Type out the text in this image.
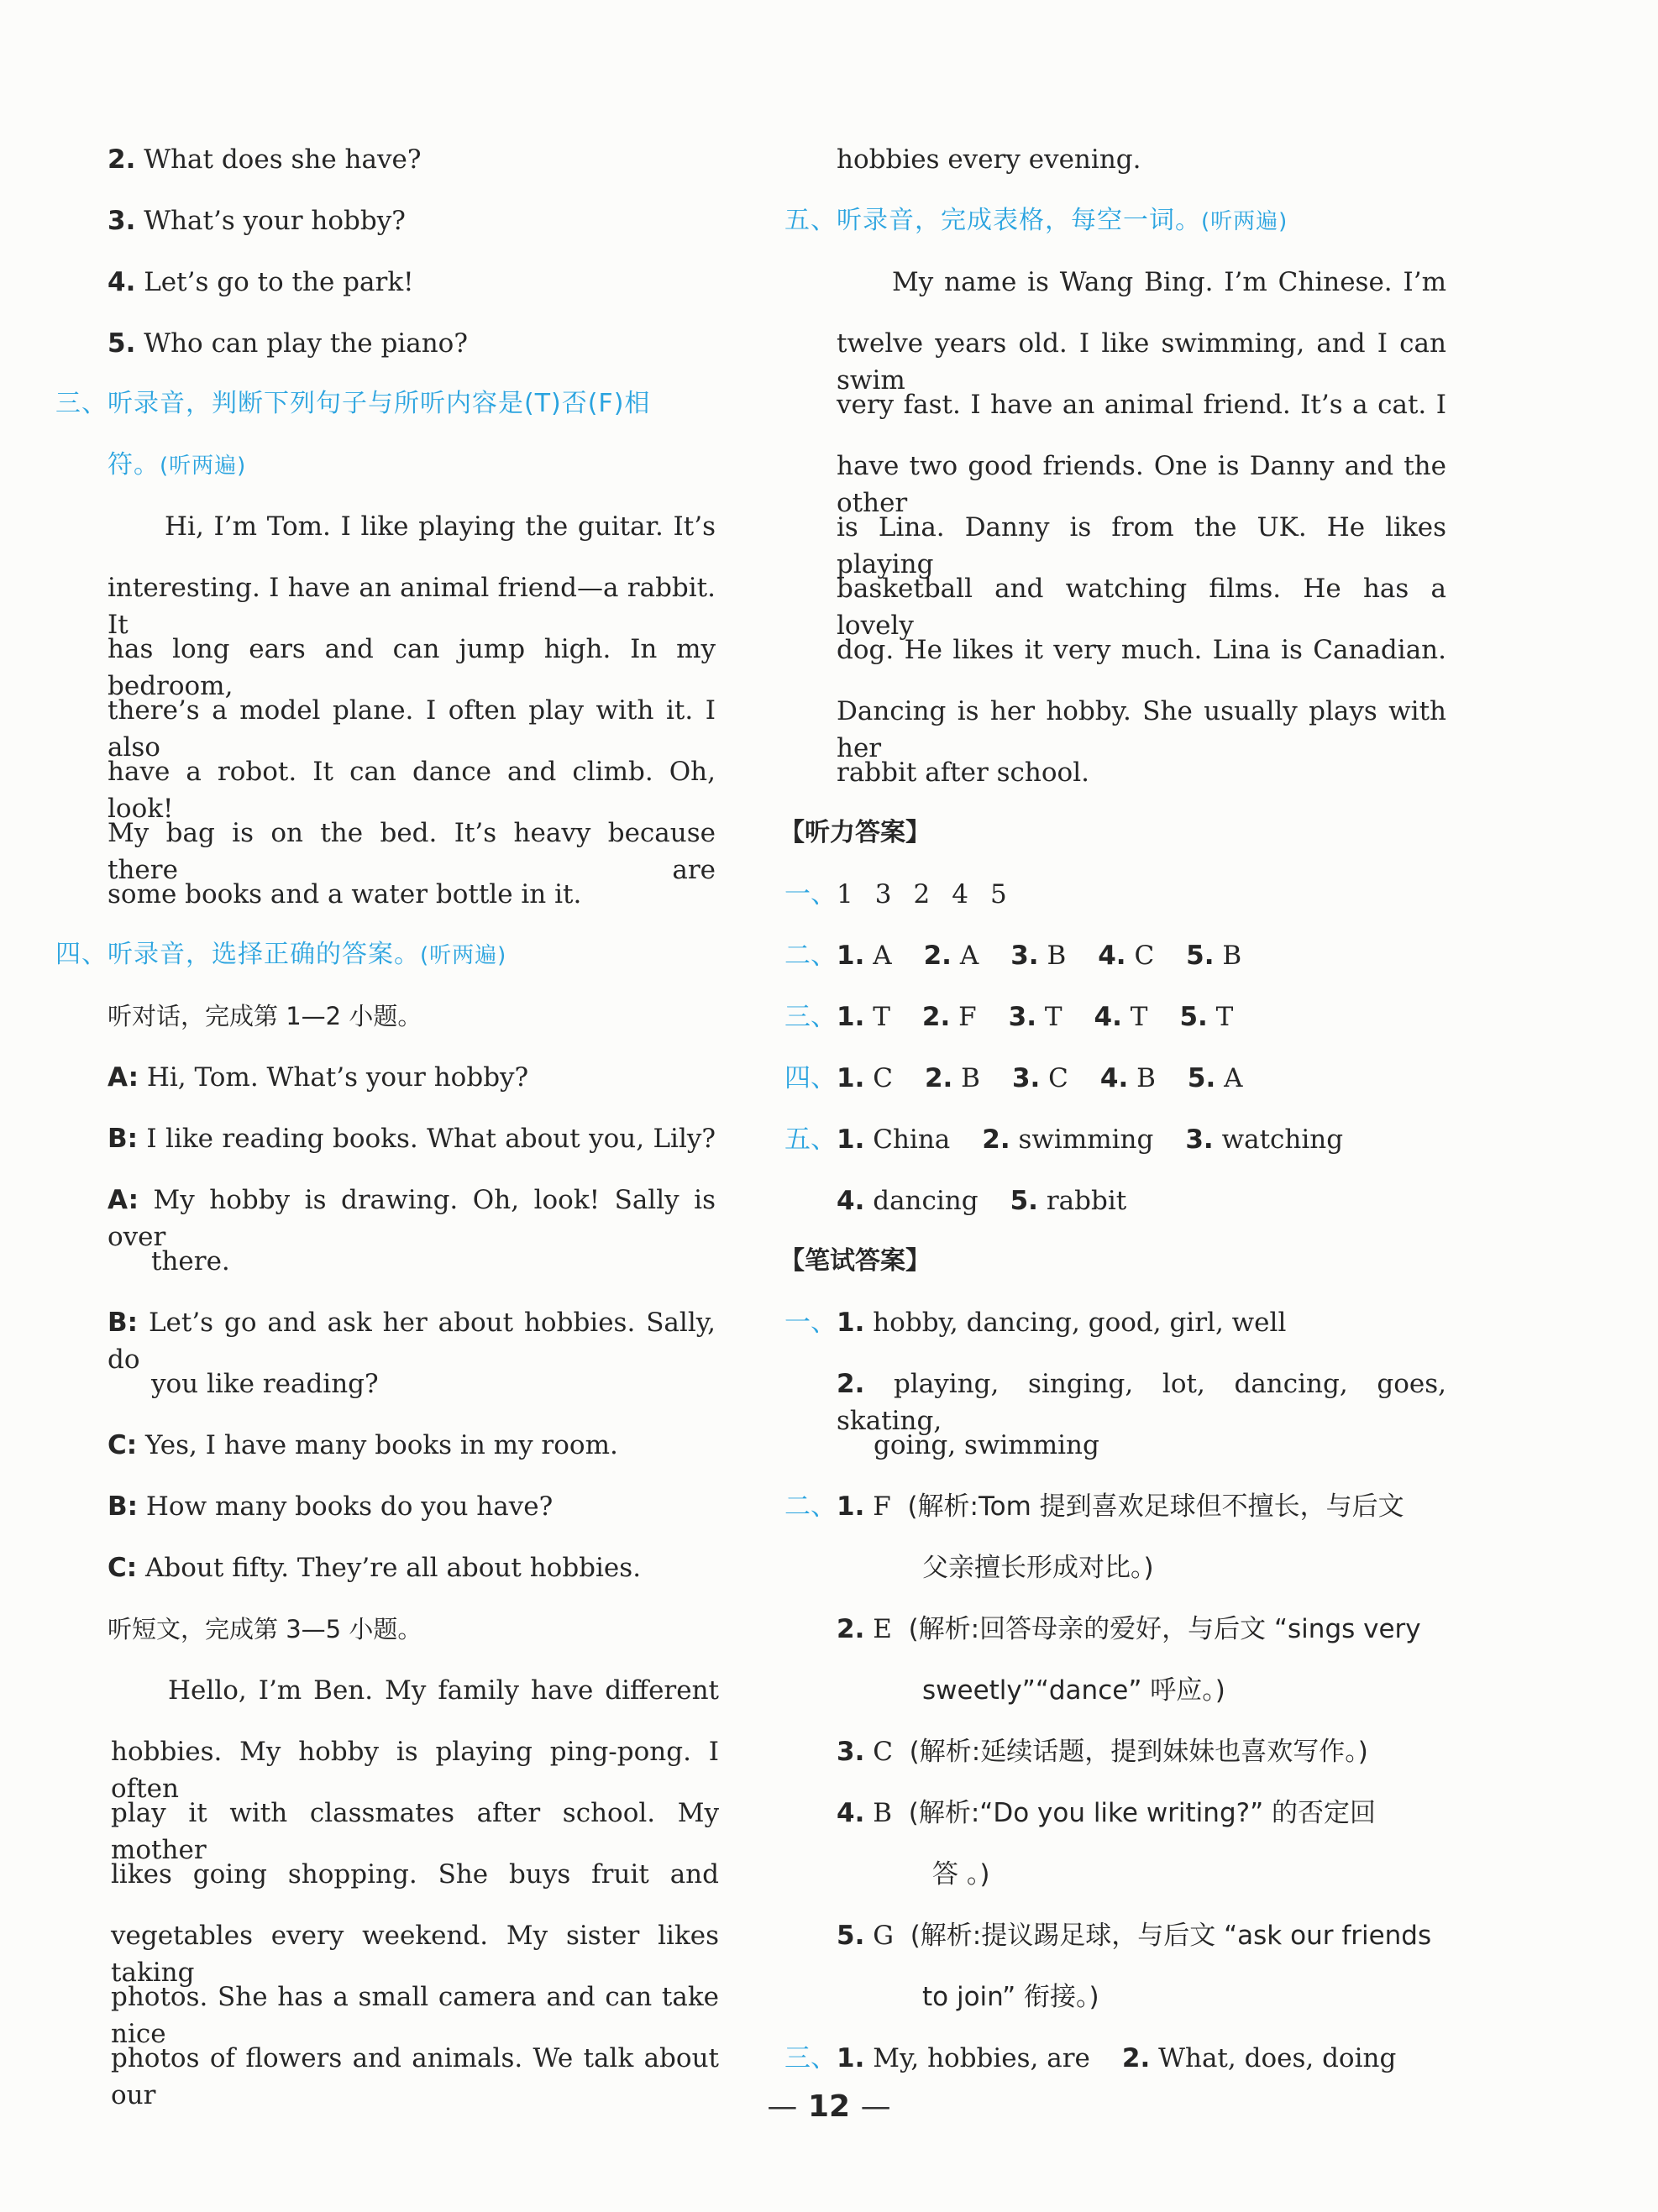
2. What does she have?
3. What’s your hobby?
4. Let’s go to the park!
5. Who can play the piano?
三、听录音，判断下列句子与所听内容是(T)否(F)相
符。(听两遍)
Hi, I’m Tom. I like playing the guitar. It’s
interesting. I have an animal friend—a rabbit. It
has long ears and can jump high. In my bedroom,
there’s a model plane. I often play with it. I also
have a robot. It can dance and climb. Oh, look!
My bag is on the bed. It’s heavy because there are
some books and a water bottle in it.
四、听录音，选择正确的答案。(听两遍)
听对话，完成第 1—2 小题。
A: Hi, Tom. What’s your hobby?
B: I like reading books. What about you, Lily?
A: My hobby is drawing. Oh, look! Sally is over
there.
B: Let’s go and ask her about hobbies. Sally, do
you like reading?
C: Yes, I have many books in my room.
B: How many books do you have?
C: About fifty. They’re all about hobbies.
听短文，完成第 3—5 小题。
Hello, I’m Ben. My family have different
hobbies. My hobby is playing ping-pong. I often
play it with classmates after school. My mother
likes going shopping. She buys fruit and
vegetables every weekend. My sister likes taking
photos. She has a small camera and can take nice
photos of flowers and animals. We talk about our
hobbies every evening.
五、听录音，完成表格，每空一词。(听两遍)
My name is Wang Bing. I’m Chinese. I’m
twelve years old. I like swimming, and I can swim
very fast. I have an animal friend. It’s a cat. I
have two good friends. One is Danny and the other
is Lina. Danny is from the UK. He likes playing
basketball and watching films. He has a lovely
dog. He likes it very much. Lina is Canadian.
Dancing is her hobby. She usually plays with her
rabbit after school.
【听力答案】
一、1 3 2 4 5
二、1. A 2. A 3. B 4. C 5. B
三、1. T 2. F 3. T 4. T 5. T
四、1. C 2. B 3. C 4. B 5. A
五、1. China 2. swimming 3. watching
4. dancing 5. rabbit
【笔试答案】
一、1. hobby, dancing, good, girl, well
2. playing, singing, lot, dancing, goes, skating,
going, swimming
二、1. F (解析:Tom 提到喜欢足球但不擅长，与后文
父亲擅长形成对比。)
2. E (解析:回答母亲的爱好，与后文 “sings very
sweetly”“dance” 呼应。)
3. C (解析:延续话题，提到妹妹也喜欢写作。)
4. B (解析:“Do you like writing?” 的否定回
答 。)
5. G (解析:提议踢足球，与后文 “ask our friends
to join” 衔接。)
三、1. My, hobbies, are 2. What, does, doing
— 12 —
